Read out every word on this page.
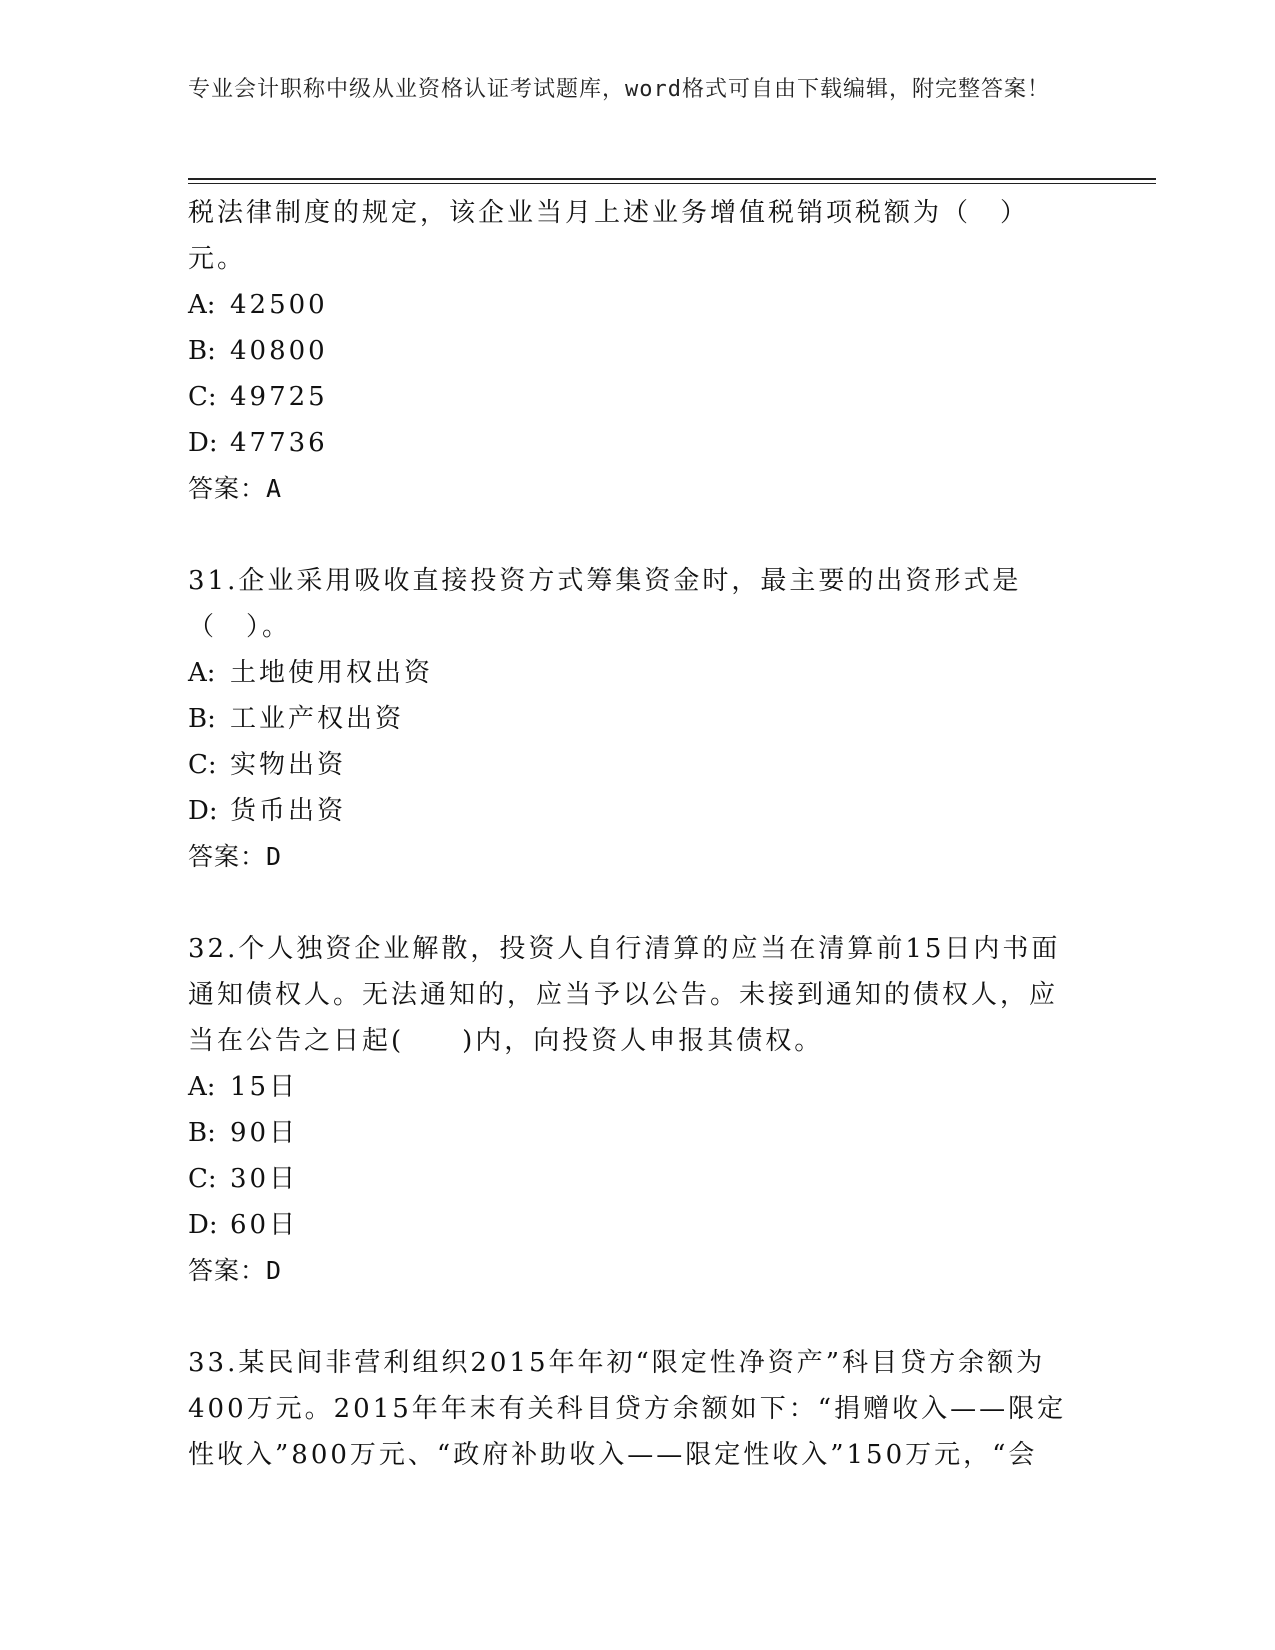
专业会计职称中级从业资格认证考试题库，word格式可自由下载编辑，附完整答案！

税法律制度的规定，该企业当月上述业务增值税销项税额为（　）元。

A: 42500
B: 40800
C: 49725
D: 47736
答案：A

31.企业采用吸收直接投资方式筹集资金时，最主要的出资形式是（　）。

A: 土地使用权出资
B: 工业产权出资
C: 实物出资
D: 货币出资
答案：D

32.个人独资企业解散，投资人自行清算的应当在清算前15日内书面通知债权人。无法通知的，应当予以公告。未接到通知的债权人，应当在公告之日起(　　)内，向投资人申报其债权。

A: 15日
B: 90日
C: 30日
D: 60日
答案：D

33.某民间非营利组织2015年年初“限定性净资产”科目贷方余额为400万元。2015年年末有关科目贷方余额如下：“捐赠收入——限定性收入”800万元、“政府补助收入——限定性收入”150万元，“会
